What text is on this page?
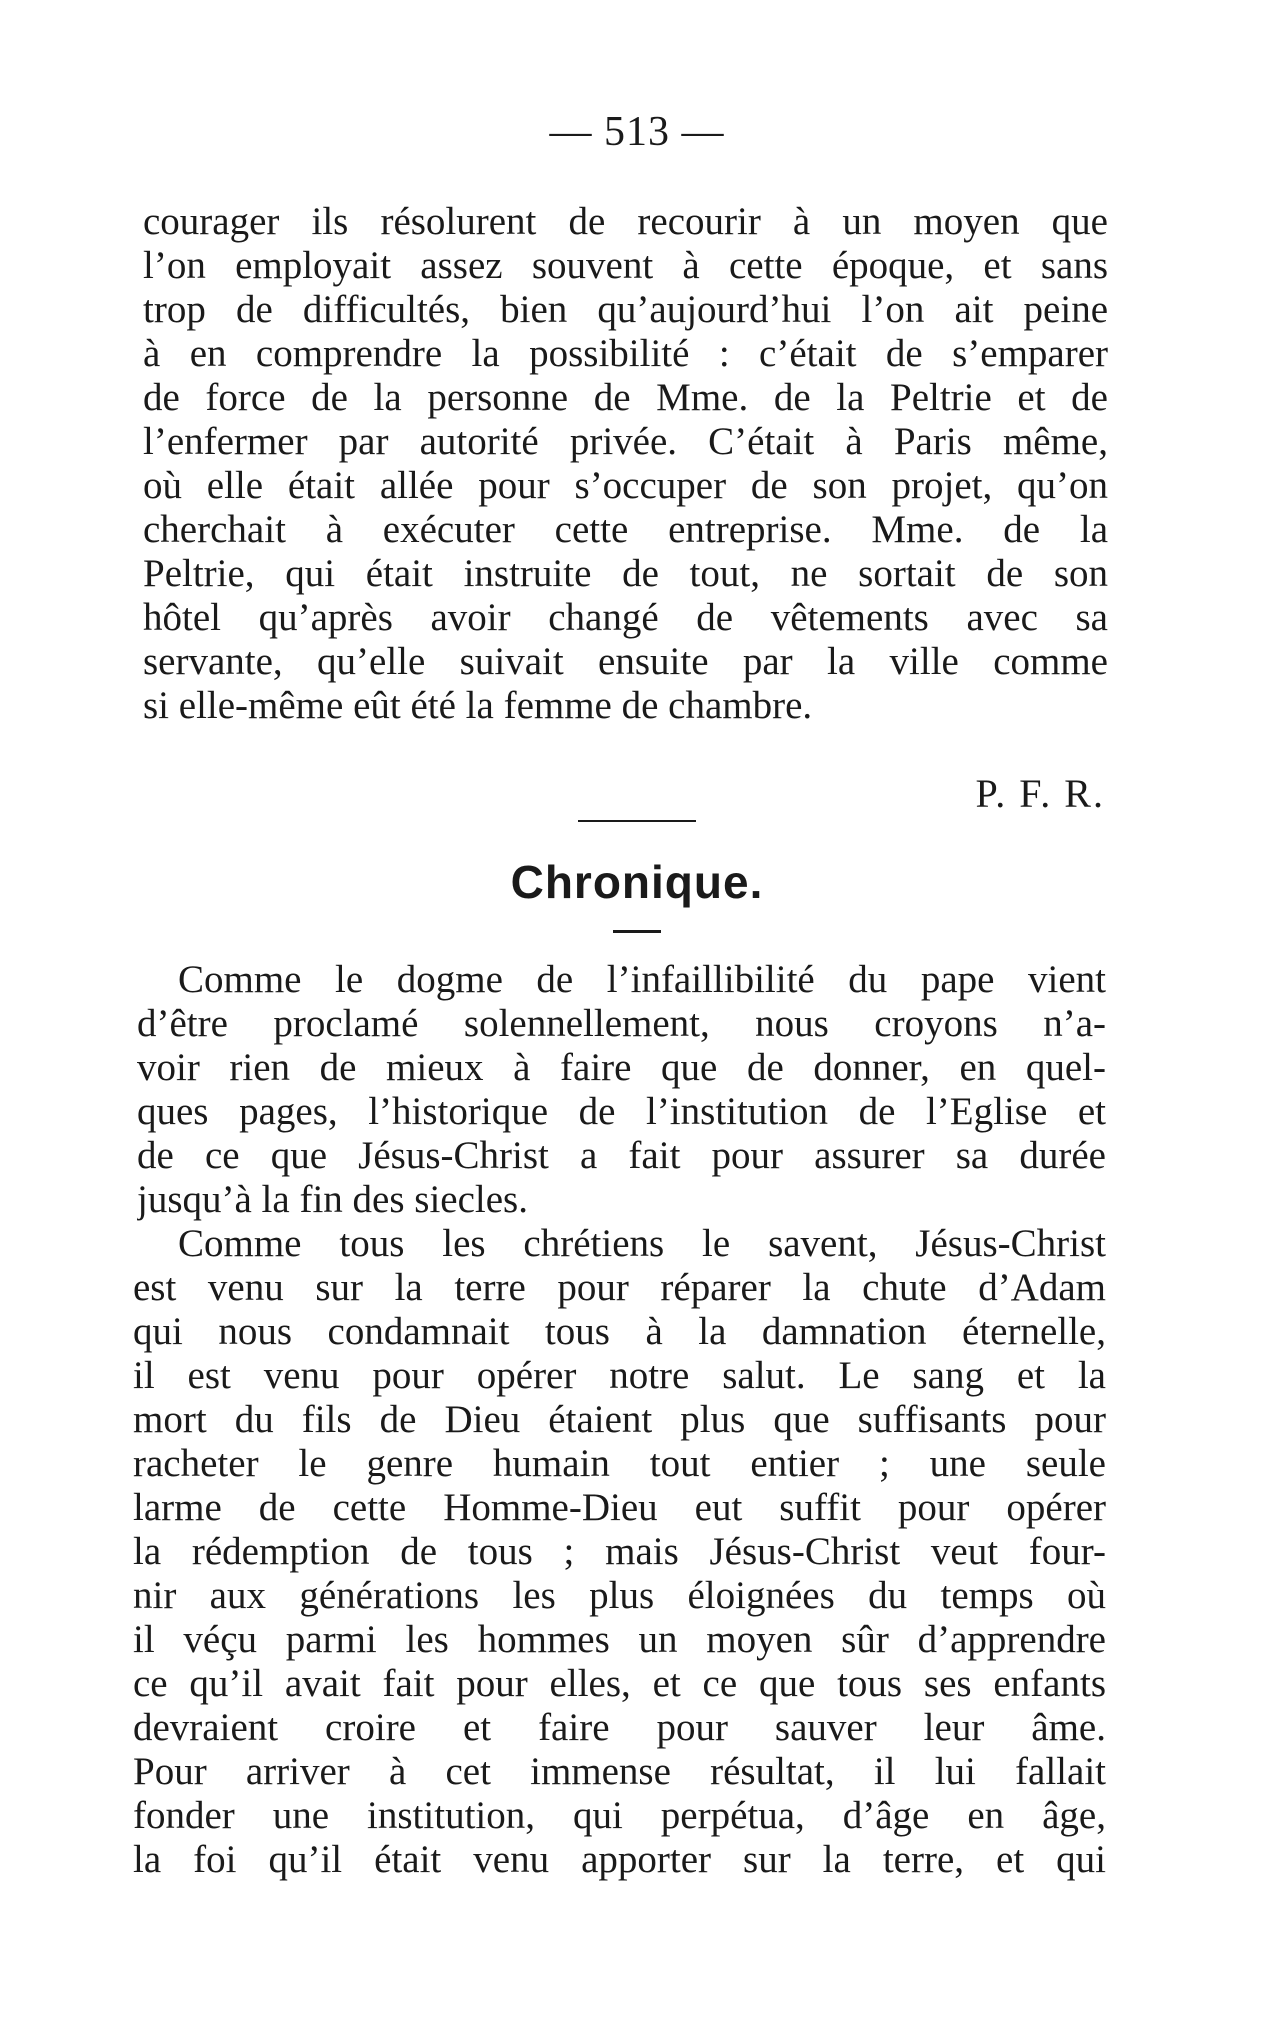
— 513 —
courager ils résolurent de recourir à un moyen que
l’on employait assez souvent à cette époque, et sans
trop de difficultés, bien qu’aujourd’hui l’on ait peine
à en comprendre la possibilité : c’était de s’emparer
de force de la personne de Mme. de la Peltrie et de
l’enfermer par autorité privée. C’était à Paris même,
où elle était allée pour s’occuper de son projet, qu’on
cherchait à exécuter cette entreprise. Mme. de la
Peltrie, qui était instruite de tout, ne sortait de son
hôtel qu’après avoir changé de vêtements avec sa
servante, qu’elle suivait ensuite par la ville comme
si elle-même eût été la femme de chambre.
P. F. R.
Chronique.
Comme le dogme de l’infaillibilité du pape vient
d’être proclamé solennellement, nous croyons n’a-
voir rien de mieux à faire que de donner, en quel-
ques pages, l’historique de l’institution de l’Eglise et
de ce que Jésus-Christ a fait pour assurer sa durée
jusqu’à la fin des siecles.
Comme tous les chrétiens le savent, Jésus-Christ
est venu sur la terre pour réparer la chute d’Adam
qui nous condamnait tous à la damnation éternelle,
il est venu pour opérer notre salut. Le sang et la
mort du fils de Dieu étaient plus que suffisants pour
racheter le genre humain tout entier ; une seule
larme de cette Homme-Dieu eut suffit pour opérer
la rédemption de tous ; mais Jésus-Christ veut four-
nir aux générations les plus éloignées du temps où
il véçu parmi les hommes un moyen sûr d’apprendre
ce qu’il avait fait pour elles, et ce que tous ses enfants
devraient croire et faire pour sauver leur âme.
Pour arriver à cet immense résultat, il lui fallait
fonder une institution, qui perpétua, d’âge en âge,
la foi qu’il était venu apporter sur la terre, et qui
